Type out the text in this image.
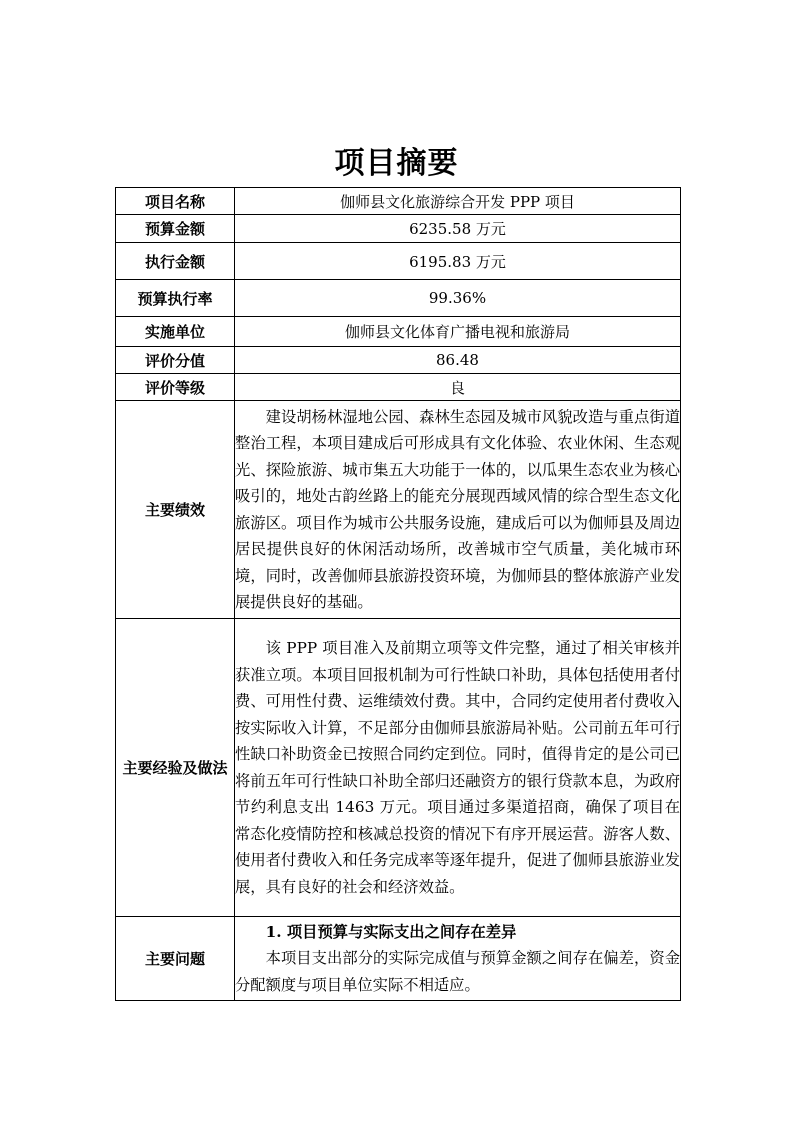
项目摘要
项目名称	伽师县文化旅游综合开发 PPP 项目
预算金额	6235.58 万元
执行金额	6195.83 万元
预算执行率	99.36%
实施单位	伽师县文化体育广播电视和旅游局
评价分值	86.48
评价等级	良
主要绩效	建设胡杨林湿地公园、森林生态园及城市风貌改造与重点街道整治工程，本项目建成后可形成具有文化体验、农业休闲、生态观光、探险旅游、城市集五大功能于一体的，以瓜果生态农业为核心吸引的，地处古韵丝路上的能充分展现西域风情的综合型生态文化旅游区。项目作为城市公共服务设施，建成后可以为伽师县及周边居民提供良好的休闲活动场所，改善城市空气质量，美化城市环境，同时，改善伽师县旅游投资环境，为伽师县的整体旅游产业发展提供良好的基础。

主要经验及做法	该 PPP 项目准入及前期立项等文件完整，通过了相关审核并获准立项。本项目回报机制为可行性缺口补助，具体包括使用者付费、可用性付费、运维绩效付费。其中，合同约定使用者付费收入按实际收入计算，不足部分由伽师县旅游局补贴。公司前五年可行性缺口补助资金已按照合同约定到位。同时，值得肯定的是公司已将前五年可行性缺口补助全部归还融资方的银行贷款本息，为政府节约利息支出 1463 万元。项目通过多渠道招商，确保了项目在常态化疫情防控和核减总投资的情况下有序开展运营。游客人数、使用者付费收入和任务完成率等逐年提升，促进了伽师县旅游业发展，具有良好的社会和经济效益。

主要问题	1. 项目预算与实际支出之间存在差异

本项目支出部分的实际完成值与预算金额之间存在偏差，资金分配额度与项目单位实际不相适应。
